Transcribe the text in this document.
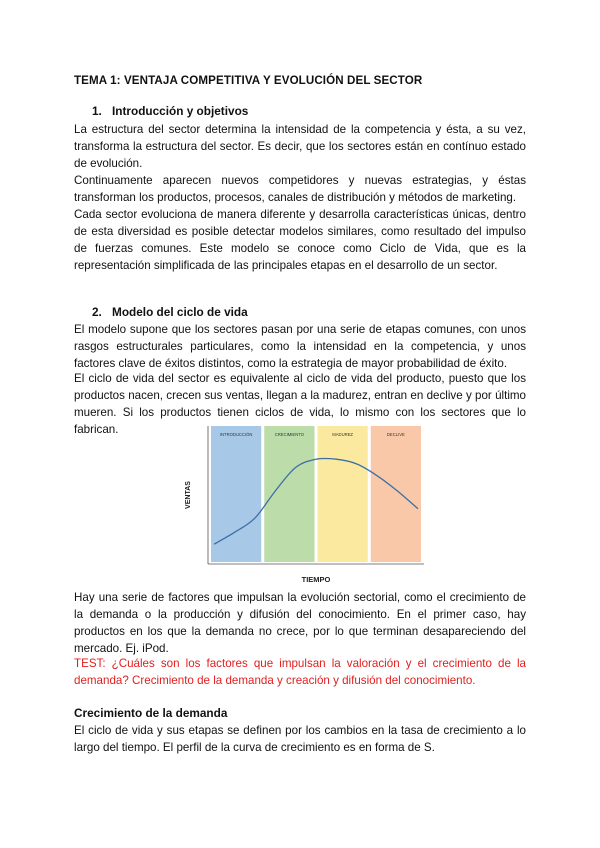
TEMA 1: VENTAJA COMPETITIVA Y EVOLUCIÓN DEL SECTOR
1. Introducción y objetivos

La estructura del sector determina la intensidad de la competencia y ésta, a su vez, transforma la estructura del sector. Es decir, que los sectores están en contínuo estado de evolución.

Continuamente aparecen nuevos competidores y nuevas estrategias, y éstas transforman los productos, procesos, canales de distribución y métodos de marketing.

Cada sector evoluciona de manera diferente y desarrolla características únicas, dentro de esta diversidad es posible detectar modelos similares, como resultado del impulso de fuerzas comunes. Este modelo se conoce como Ciclo de Vida, que es la representación simplificada de las principales etapas en el desarrollo de un sector.

2. Modelo del ciclo de vida

El modelo supone que los sectores pasan por una serie de etapas comunes, con unos rasgos estructurales particulares, como la intensidad en la competencia, y unos factores clave de éxitos distintos, como la estrategia de mayor probabilidad de éxito.

El ciclo de vida del sector es equivalente al ciclo de vida del producto, puesto que los productos nacen, crecen sus ventas, llegan a la madurez, entran en declive y por último mueren. Si los productos tienen ciclos de vida, lo mismo con los sectores que lo fabrican.	INTRODUCCIÓN	CRECIMIENTO	MADUREZ	DECLIVE
VENTAS
TIEMPO

Hay una serie de factores que impulsan la evolución sectorial, como el crecimiento de la demanda o la producción y difusión del conocimiento. En el primer caso, hay productos en los que la demanda no crece, por lo que terminan desapareciendo del mercado. Ej. iPod.

TEST: ¿Cuáles son los factores que impulsan la valoración y el crecimiento de la demanda? Crecimiento de la demanda y creación y difusión del conocimiento.

Crecimiento de la demanda

El ciclo de vida y sus etapas se definen por los cambios en la tasa de crecimiento a lo largo del tiempo. El perfil de la curva de crecimiento es en forma de S.
